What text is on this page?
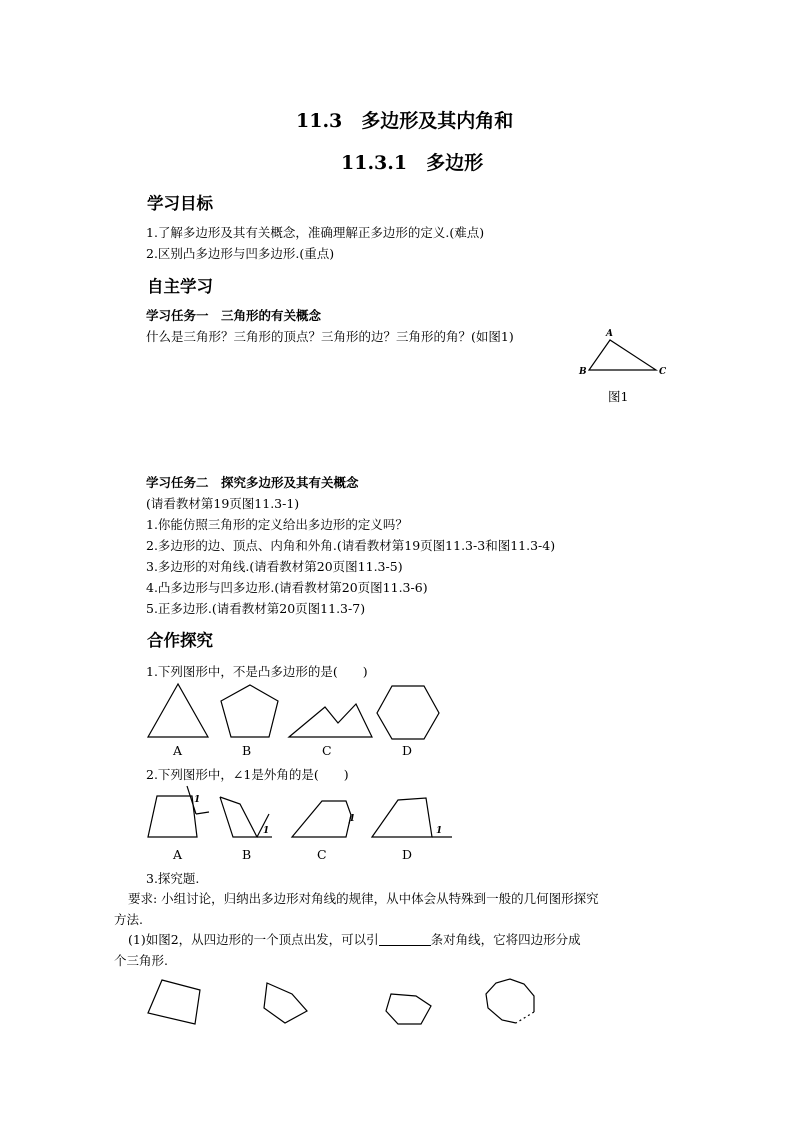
11.3　多边形及其内角和
11.3.1　多边形
学习目标
1.了解多边形及其有关概念，准确理解正多边形的定义.(难点)
2.区别凸多边形与凹多边形.(重点)
自主学习
学习任务一　三角形的有关概念
什么是三角形？三角形的顶点？三角形的边？三角形的角？(如图1)	A
B	C
图1
学习任务二　探究多边形及其有关概念
(请看教材第19页图11.3-1)
1.你能仿照三角形的定义给出多边形的定义吗？
2.多边形的边、顶点、内角和外角.(请看教材第19页图11.3-3和图11.3-4)
3.多边形的对角线.(请看教材第20页图11.3-5)
4.凸多边形与凹多边形.(请看教材第20页图11.3-6)
5.正多边形.(请看教材第20页图11.3-7)
合作探究
1.下列图形中，不是凸多边形的是(　　)
A	B	C	D
2.下列图形中，∠1是外角的是(　　)
1
1
1
1
A	B	C	D
3.探究题.
要求: 小组讨论，归纳出多边形对角线的规律，从中体会从特殊到一般的几何图形探究
方法.
(1)如图2，从四边形的一个顶点出发，可以引	条对角线，它将四边形分成
个三角形.
